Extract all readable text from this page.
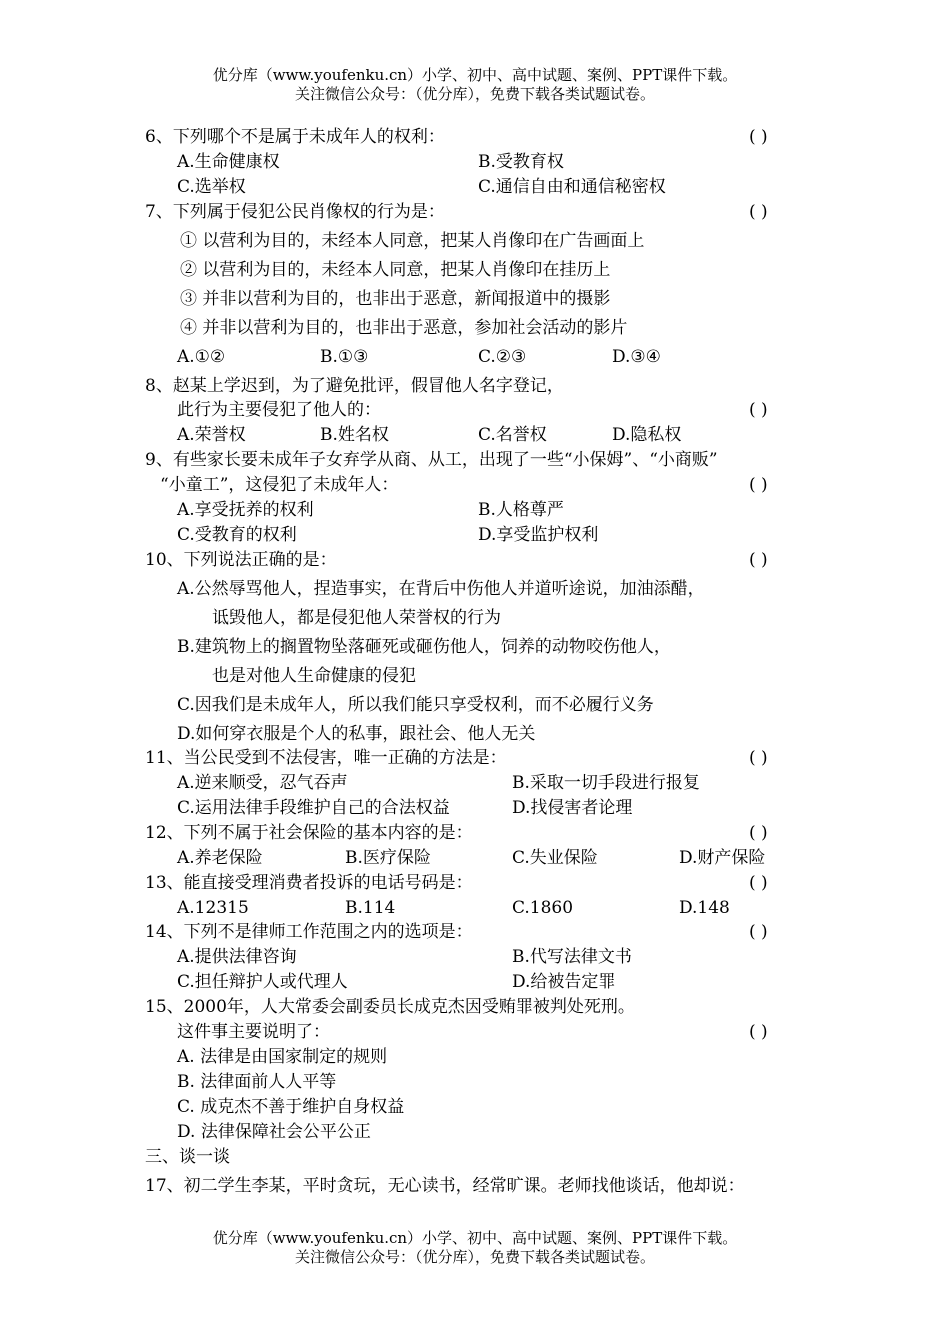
优分库（www.youfenku.cn）小学、初中、高中试题、案例、PPT课件下载。
关注微信公众号：（优分库），免费下载各类试题试卷。
6、下列哪个不是属于未成年人的权利：	( )
A.生命健康权	B.受教育权
C.选举权	C.通信自由和通信秘密权
7、下列属于侵犯公民肖像权的行为是：	( )
① 以营利为目的，未经本人同意，把某人肖像印在广告画面上
② 以营利为目的，未经本人同意，把某人肖像印在挂历上
③ 并非以营利为目的，也非出于恶意，新闻报道中的摄影
④ 并非以营利为目的，也非出于恶意，参加社会活动的影片
A.①②	B.①③	C.②③	D.③④
8、赵某上学迟到，为了避免批评，假冒他人名字登记，
此行为主要侵犯了他人的：	( )
A.荣誉权	B.姓名权	C.名誉权	D.隐私权
9、有些家长要未成年子女弃学从商、从工，出现了一些“小保姆”、“小商贩”
“小童工”，这侵犯了未成年人：	( )
A.享受抚养的权利	B.人格尊严
C.受教育的权利	D.享受监护权利
10、下列说法正确的是：	( )
A.公然辱骂他人，捏造事实，在背后中伤他人并道听途说，加油添醋，
诋毁他人，都是侵犯他人荣誉权的行为
B.建筑物上的搁置物坠落砸死或砸伤他人，饲养的动物咬伤他人，
也是对他人生命健康的侵犯
C.因我们是未成年人，所以我们能只享受权利，而不必履行义务
D.如何穿衣服是个人的私事，跟社会、他人无关
11、当公民受到不法侵害，唯一正确的方法是：	( )
A.逆来顺受，忍气吞声	B.采取一切手段进行报复
C.运用法律手段维护自己的合法权益	D.找侵害者论理
12、下列不属于社会保险的基本内容的是：	( )
A.养老保险	B.医疗保险	C.失业保险	D.财产保险
13、能直接受理消费者投诉的电话号码是：	( )
A.12315	B.114	C.1860	D.148
14、下列不是律师工作范围之内的选项是：	( )
A.提供法律咨询	B.代写法律文书
C.担任辩护人或代理人	D.给被告定罪
15、2000年，人大常委会副委员长成克杰因受贿罪被判处死刑。
这件事主要说明了：	( )
A. 法律是由国家制定的规则
B. 法律面前人人平等
C. 成克杰不善于维护自身权益
D. 法律保障社会公平公正
三、谈一谈
17、初二学生李某，平时贪玩，无心读书，经常旷课。老师找他谈话，他却说：
优分库（www.youfenku.cn）小学、初中、高中试题、案例、PPT课件下载。
关注微信公众号：（优分库），免费下载各类试题试卷。
